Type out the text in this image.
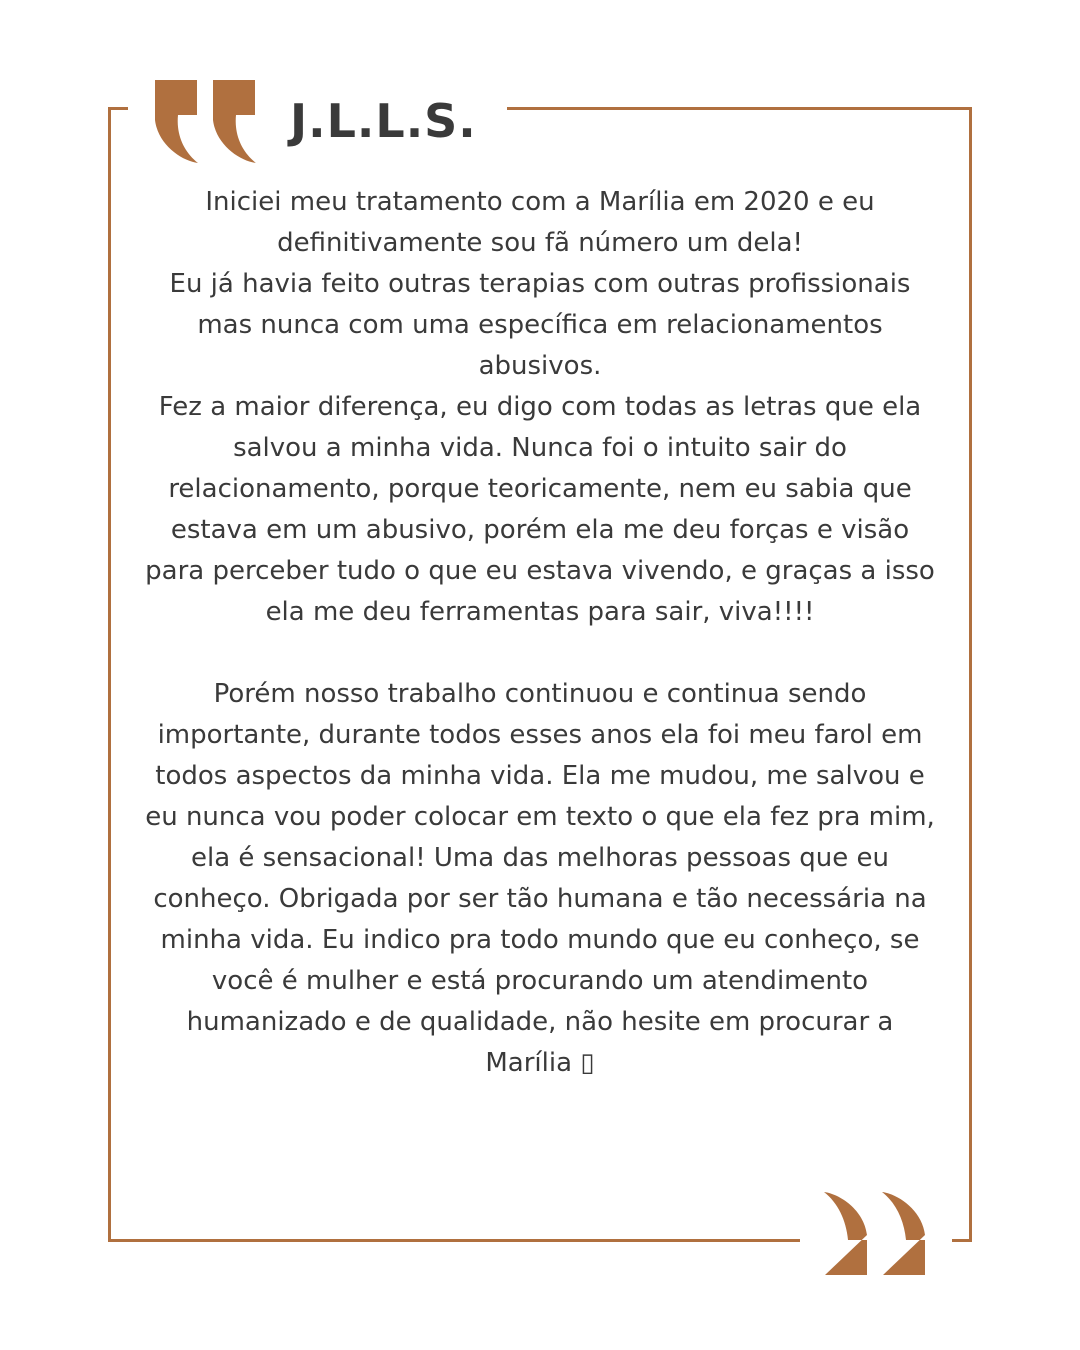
J.L.L.S.

Iniciei meu tratamento com a Marília em 2020 e eu definitivamente sou fã número um dela!

Eu já havia feito outras terapias com outras profissionais mas nunca com uma específica em relacionamentos abusivos.

Fez a maior diferença, eu digo com todas as letras que ela salvou a minha vida. Nunca foi o intuito sair do relacionamento, porque teoricamente, nem eu sabia que estava em um abusivo, porém ela me deu forças e visão para perceber tudo o que eu estava vivendo, e graças a isso ela me deu ferramentas para sair, viva!!!!

Porém nosso trabalho continuou e continua sendo importante, durante todos esses anos ela foi meu farol em todos aspectos da minha vida. Ela me mudou, me salvou e eu nunca vou poder colocar em texto o que ela fez pra mim, ela é sensacional! Uma das melhoras pessoas que eu conheço. Obrigada por ser tão humana e tão necessária na minha vida. Eu indico pra todo mundo que eu conheço, se você é mulher e está procurando um atendimento humanizado e de qualidade, não hesite em procurar a Marília ▯
